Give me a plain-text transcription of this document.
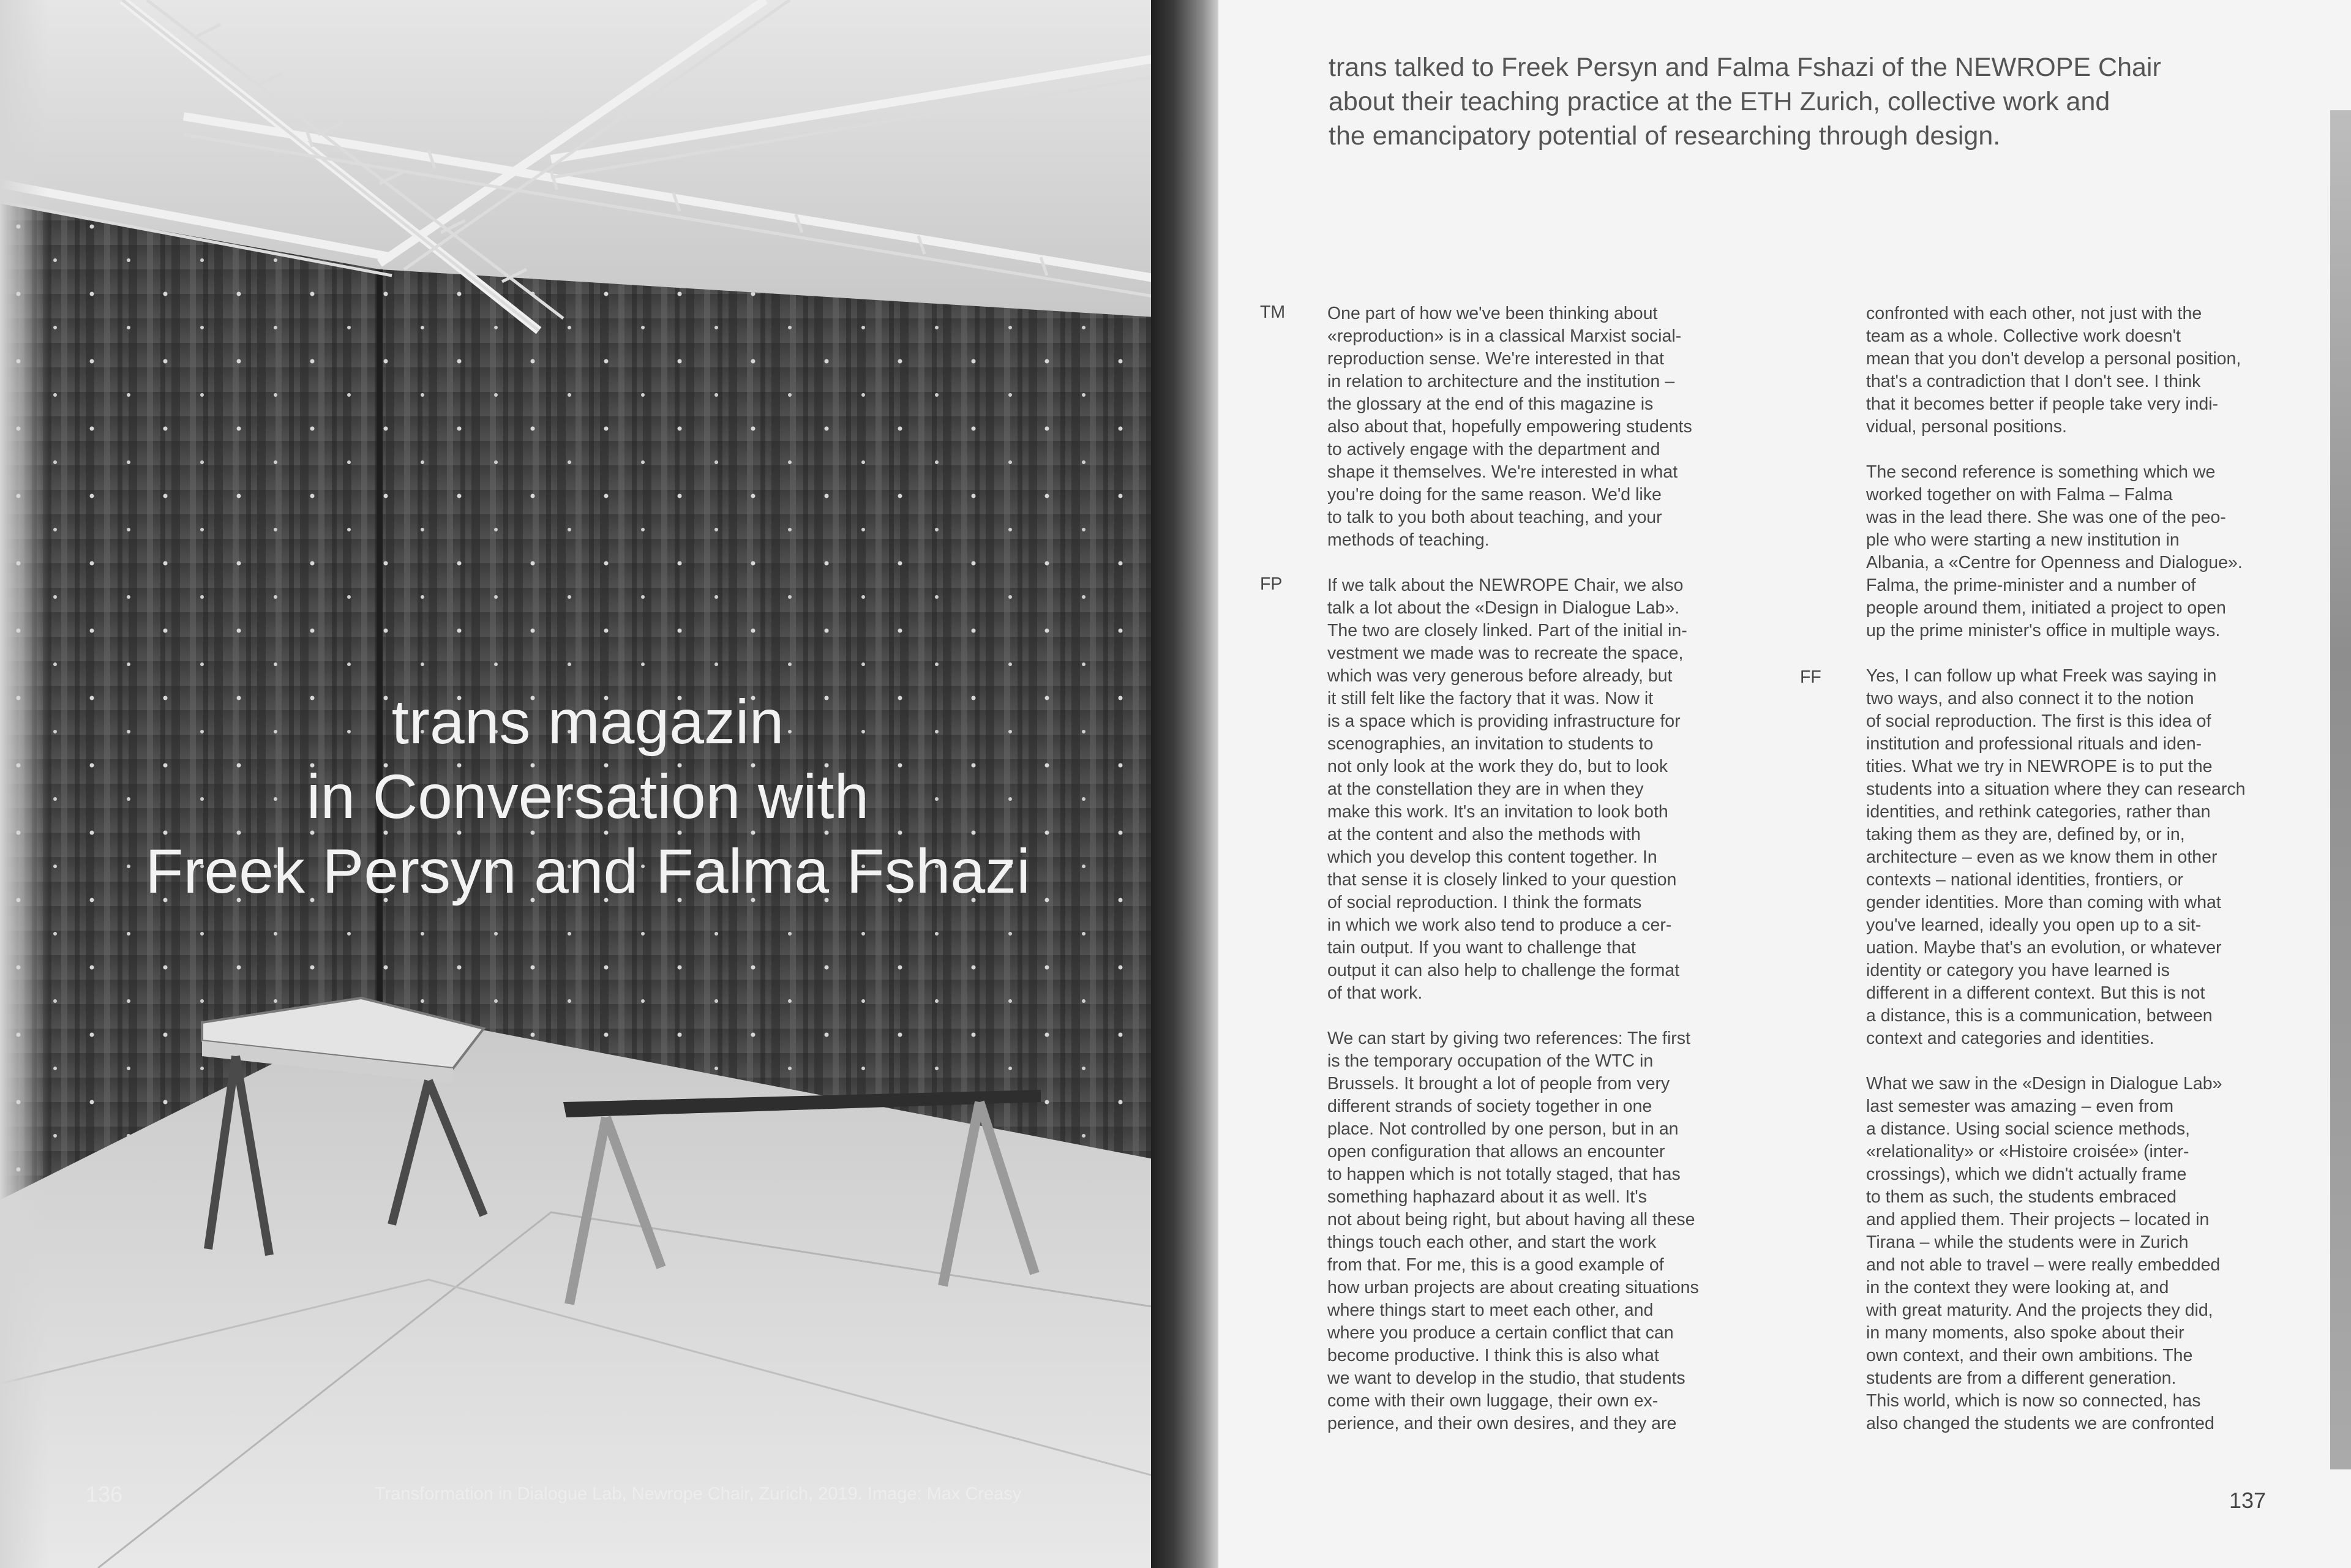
trans magazin
in Conversation with
Freek Persyn and Falma Fshazi
136	Transformation in Dialogue Lab, Newrope Chair, Zurich, 2019. Image: Max Creasy
trans talked to Freek Persyn and Falma Fshazi of the NEWROPE Chair
about their teaching practice at the ETH Zurich, collective work and
the emancipatory potential of researching through design.
TM
FP
FF
One part of how we've been thinking about
«reproduction» is in a classical Marxist social-
reproduction sense. We're interested in that
in relation to architecture and the institution –
the glossary at the end of this magazine is
also about that, hopefully empowering students
to actively engage with the department and
shape it themselves. We're interested in what
you're doing for the same reason. We'd like
to talk to you both about teaching, and your
methods of teaching.
If we talk about the NEWROPE Chair, we also
talk a lot about the «Design in Dialogue Lab».
The two are closely linked. Part of the initial in-
vestment we made was to recreate the space,
which was very generous before already, but
it still felt like the factory that it was. Now it
is a space which is providing infrastructure for
scenographies, an invitation to students to
not only look at the work they do, but to look
at the constellation they are in when they
make this work. It's an invitation to look both
at the content and also the methods with
which you develop this content together. In
that sense it is closely linked to your question
of social reproduction. I think the formats
in which we work also tend to produce a cer-
tain output. If you want to challenge that
output it can also help to challenge the format
of that work.
We can start by giving two references: The first
is the temporary occupation of the WTC in
Brussels. It brought a lot of people from very
different strands of society together in one
place. Not controlled by one person, but in an
open configuration that allows an encounter
to happen which is not totally staged, that has
something haphazard about it as well. It's
not about being right, but about having all these
things touch each other, and start the work
from that. For me, this is a good example of
how urban projects are about creating situations
where things start to meet each other, and
where you produce a certain conflict that can
become productive. I think this is also what
we want to develop in the studio, that students
come with their own luggage, their own ex-
perience, and their own desires, and they are
confronted with each other, not just with the
team as a whole. Collective work doesn't
mean that you don't develop a personal position,
that's a contradiction that I don't see. I think
that it becomes better if people take very indi-
vidual, personal positions.
The second reference is something which we
worked together on with Falma – Falma
was in the lead there. She was one of the peo-
ple who were starting a new institution in
Albania, a «Centre for Openness and Dialogue».
Falma, the prime-minister and a number of
people around them, initiated a project to open
up the prime minister's office in multiple ways.
Yes, I can follow up what Freek was saying in
two ways, and also connect it to the notion
of social reproduction. The first is this idea of
institution and professional rituals and iden-
tities. What we try in NEWROPE is to put the
students into a situation where they can research
identities, and rethink categories, rather than
taking them as they are, defined by, or in,
architecture – even as we know them in other
contexts – national identities, frontiers, or
gender identities. More than coming with what
you've learned, ideally you open up to a sit-
uation. Maybe that's an evolution, or whatever
identity or category you have learned is
different in a different context. But this is not
a distance, this is a communication, between
context and categories and identities.
What we saw in the «Design in Dialogue Lab»
last semester was amazing – even from
a distance. Using social science methods,
«relationality» or «Histoire croisée» (inter-
crossings), which we didn't actually frame
to them as such, the students embraced
and applied them. Their projects – located in
Tirana – while the students were in Zurich
and not able to travel – were really embedded
in the context they were looking at, and
with great maturity. And the projects they did,
in many moments, also spoke about their
own context, and their own ambitions. The
students are from a different generation.
This world, which is now so connected, has
also changed the students we are confronted
137
